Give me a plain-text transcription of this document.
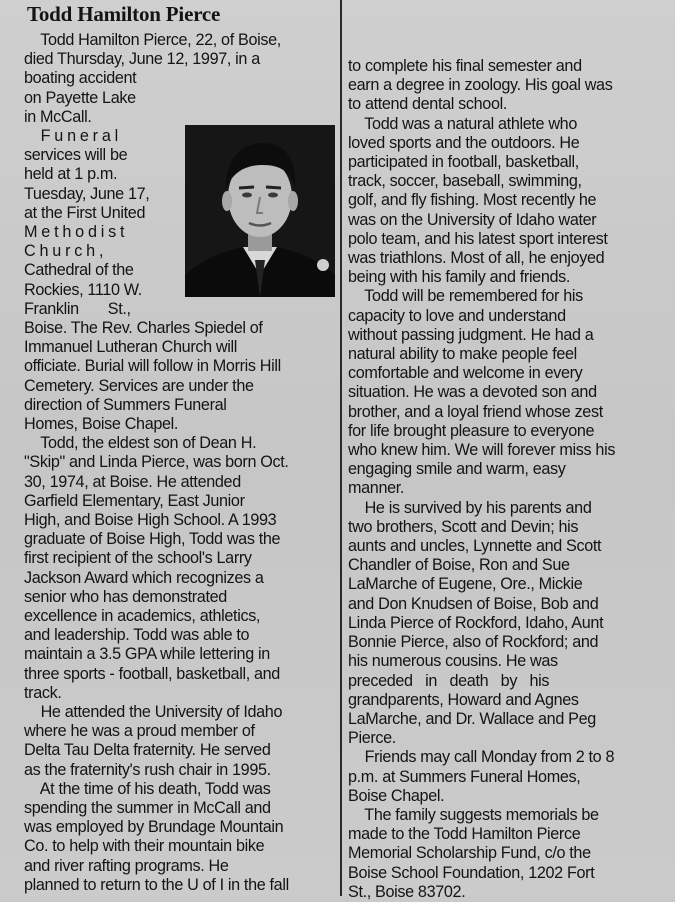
Todd Hamilton Pierce

Todd Hamilton Pierce, 22, of Boise,
died Thursday, June 12, 1997, in a
boating accident
on Payette Lake
in McCall.
F u n e r a l
services will be
held at 1 p.m.
Tuesday, June 17,
at the First United
M e t h o d i s t
C h u r c h ,
Cathedral of the
Rockies, 1110 W.
Franklin       St.,

Boise. The Rev. Charles Spiedel of
Immanuel Lutheran Church will
officiate. Burial will follow in Morris Hill
Cemetery. Services are under the
direction of Summers Funeral
Homes, Boise Chapel.
Todd, the eldest son of Dean H.
"Skip" and Linda Pierce, was born Oct.
30, 1974, at Boise. He attended
Garfield Elementary, East Junior
High, and Boise High School. A 1993
graduate of Boise High, Todd was the
first recipient of the school's Larry
Jackson Award which recognizes a
senior who has demonstrated
excellence in academics, athletics,
and leadership. Todd was able to
maintain a 3.5 GPA while lettering in
three sports - football, basketball, and
track.
He attended the University of Idaho
where he was a proud member of
Delta Tau Delta fraternity. He served
as the fraternity's rush chair in 1995.
At the time of his death, Todd was
spending the summer in McCall and
was employed by Brundage Mountain
Co. to help with their mountain bike
and river rafting programs. He
planned to return to the U of I in the fall

to complete his final semester and
earn a degree in zoology. His goal was
to attend dental school.
Todd was a natural athlete who
loved sports and the outdoors. He
participated in football, basketball,
track, soccer, baseball, swimming,
golf, and fly fishing. Most recently he
was on the University of Idaho water
polo team, and his latest sport interest
was triathlons. Most of all, he enjoyed
being with his family and friends.
Todd will be remembered for his
capacity to love and understand
without passing judgment. He had a
natural ability to make people feel
comfortable and welcome in every
situation. He was a devoted son and
brother, and a loyal friend whose zest
for life brought pleasure to everyone
who knew him. We will forever miss his
engaging smile and warm, easy
manner.
He is survived by his parents and
two brothers, Scott and Devin; his
aunts and uncles, Lynnette and Scott
Chandler of Boise, Ron and Sue
LaMarche of Eugene, Ore., Mickie
and Don Knudsen of Boise, Bob and
Linda Pierce of Rockford, Idaho, Aunt
Bonnie Pierce, also of Rockford; and
his numerous cousins. He was
preceded   in   death   by   his
grandparents, Howard and Agnes
LaMarche, and Dr. Wallace and Peg
Pierce.
Friends may call Monday from 2 to 8
p.m. at Summers Funeral Homes,
Boise Chapel.
The family suggests memorials be
made to the Todd Hamilton Pierce
Memorial Scholarship Fund, c/o the
Boise School Foundation, 1202 Fort
St., Boise 83702.
